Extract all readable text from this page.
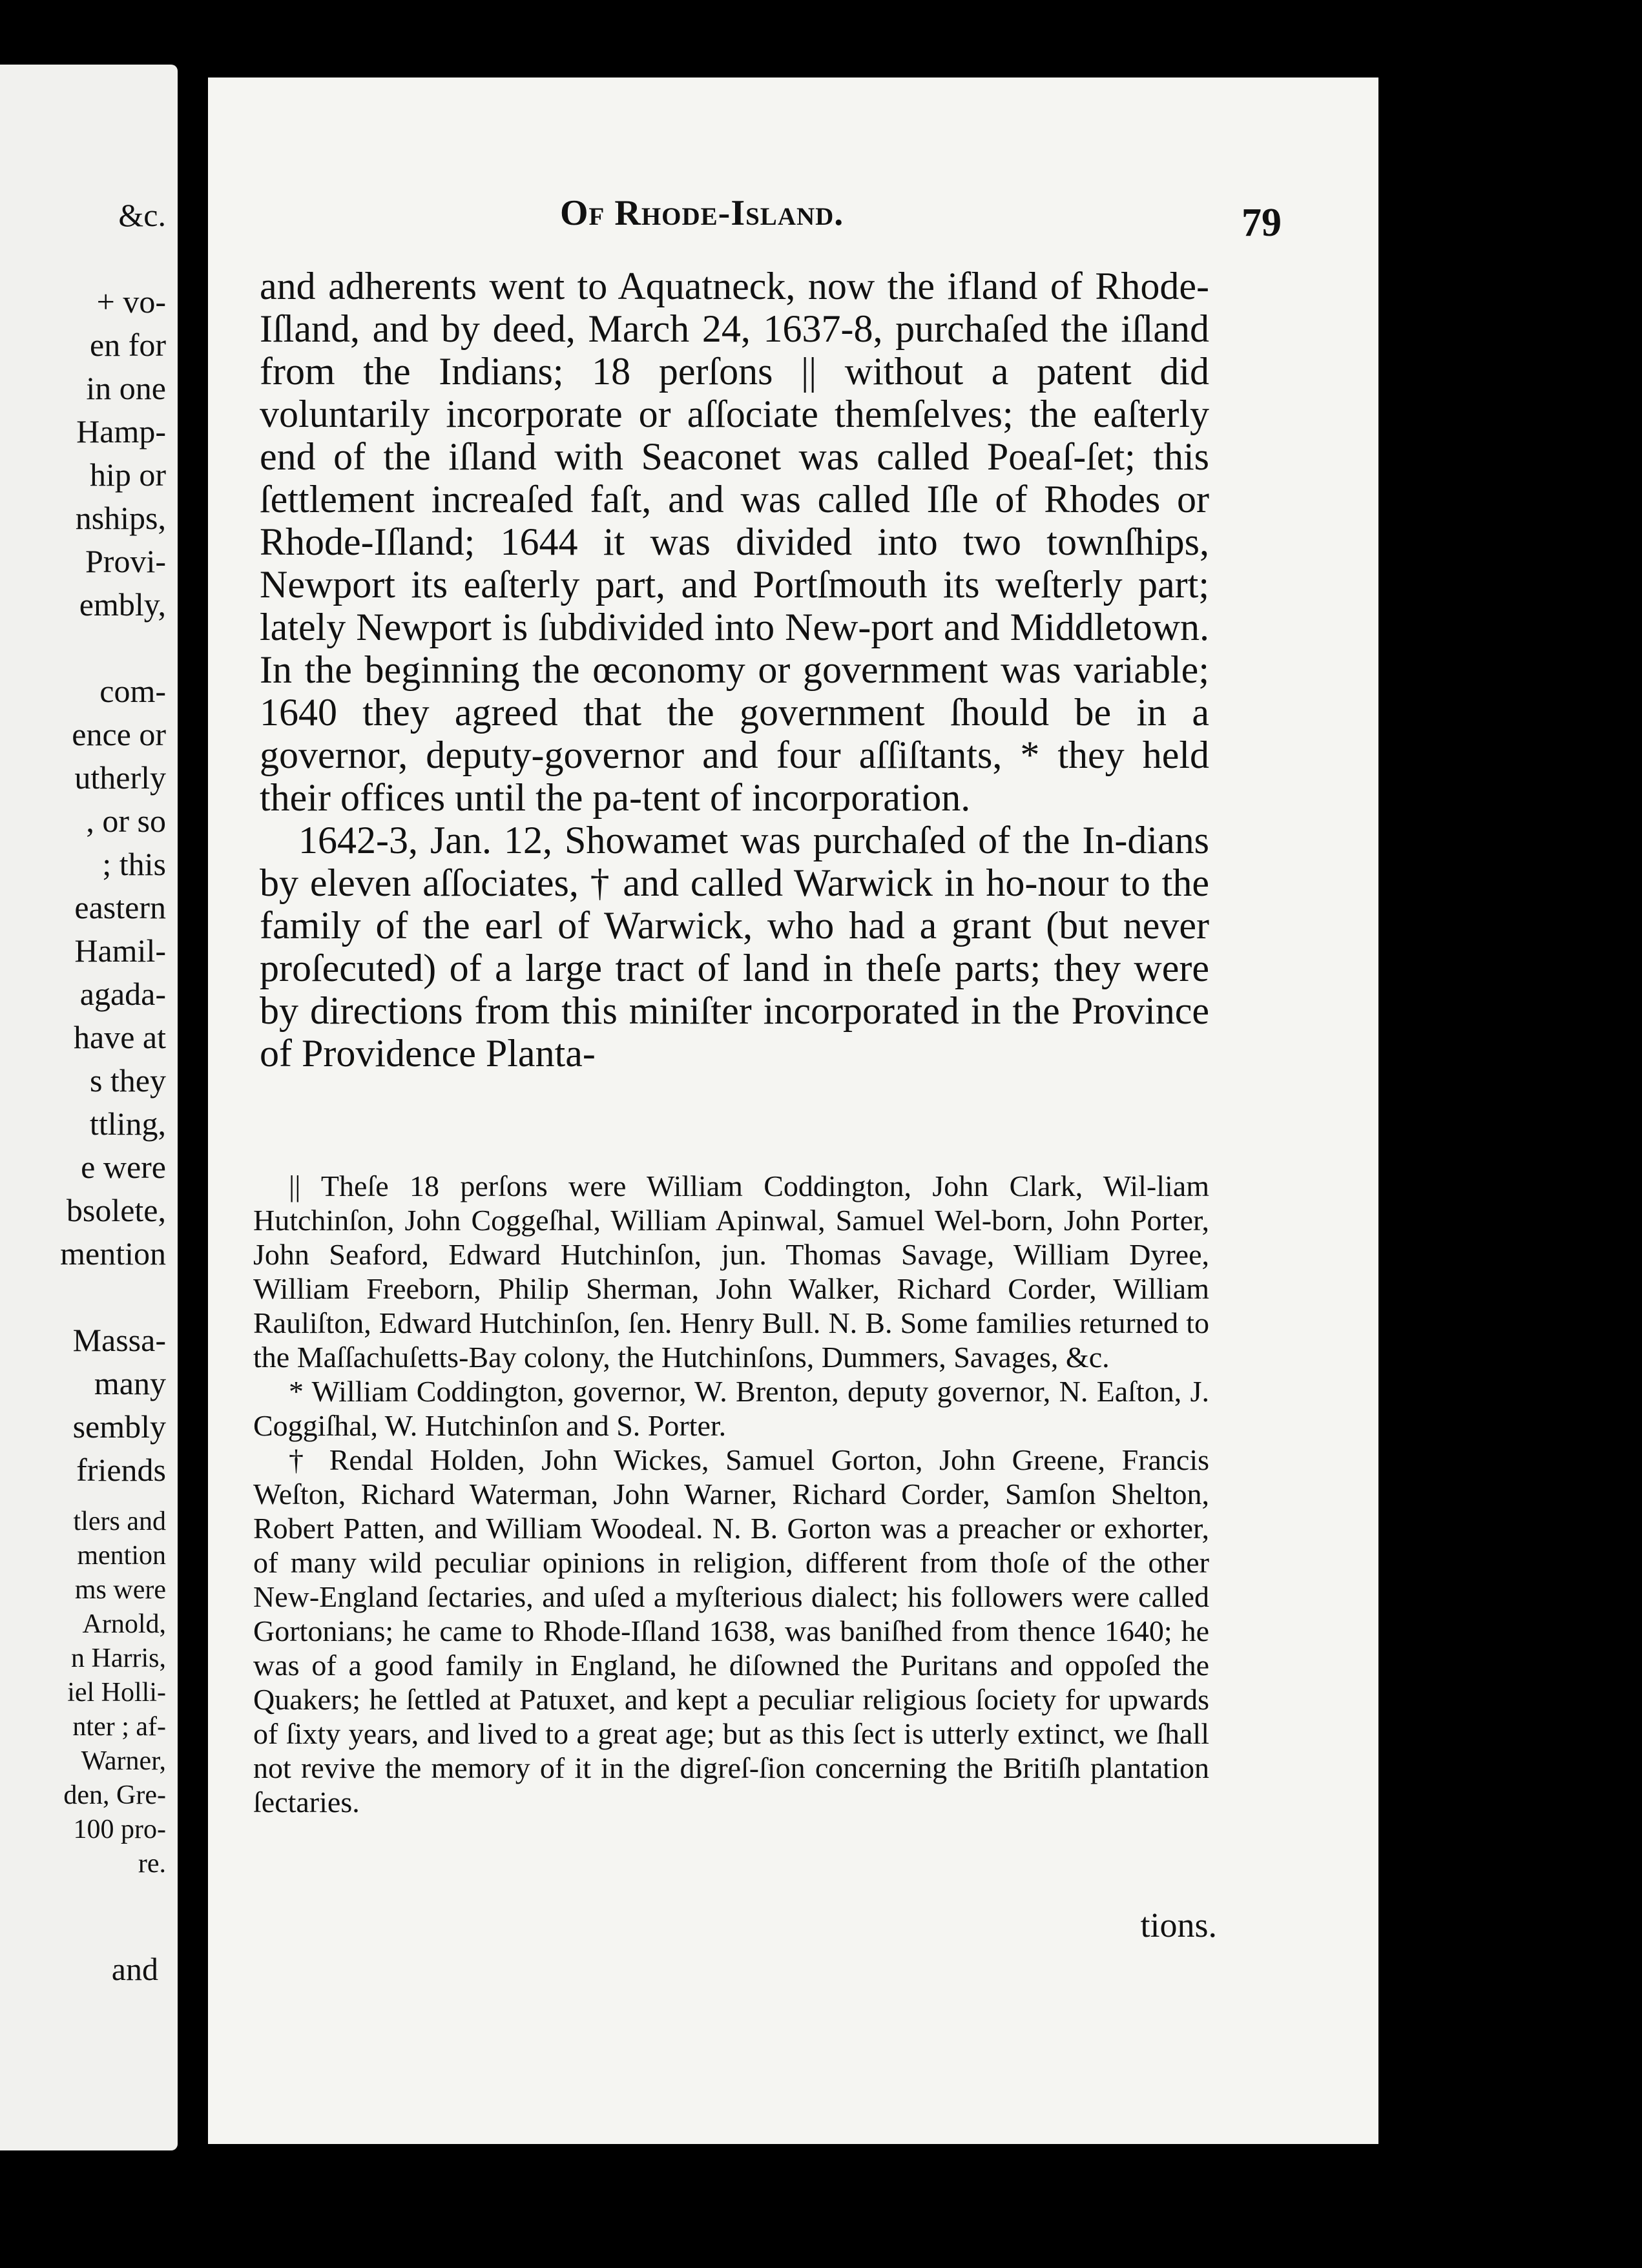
&c.

+ vo-
en for
in one
Hamp-
hip or
nships,
Provi-
embly,

com-
ence or
utherly
, or so
; this
eastern
Hamil-
agada-
have at
s they
ttling,
e were
bsolete,
mention

Massa-
many
sembly
friends
tlers and
mention
ms were
Arnold,
n Harris,
iel Holli-
nter ; af-
Warner,
den, Gre-
100 pro-
re.
and
Of Rhode-Island.	79

and adherents went to Aquatneck, now the ifland of Rhode-Iſland, and by deed, March 24, 1637-8, purchaſed the iſland from the Indians; 18 perſons || without a patent did voluntarily incorporate or aſſociate themſelves; the eaſterly end of the iſland with Seaconet was called Poeaſ-ſet; this ſettlement increaſed faſt, and was called Iſle of Rhodes or Rhode-Iſland; 1644 it was divided into two townſhips, Newport its eaſterly part, and Portſmouth its weſterly part; lately Newport is ſubdivided into New-port and Middletown. In the beginning the œconomy or government was variable; 1640 they agreed that the government ſhould be in a governor, deputy-governor and four aſſiſtants, * they held their offices until the pa-tent of incorporation.

1642-3, Jan. 12, Showamet was purchaſed of the In-dians by eleven aſſociates, † and called Warwick in ho-nour to the family of the earl of Warwick, who had a grant (but never proſecuted) of a large tract of land in theſe parts; they were by directions from this miniſter incorporated in the Province of Providence Planta-

|| Theſe 18 perſons were William Coddington, John Clark, Wil-liam Hutchinſon, John Coggeſhal, William Apinwal, Samuel Wel-born, John Porter, John Seaford, Edward Hutchinſon, jun. Thomas Savage, William Dyree, William Freeborn, Philip Sherman, John Walker, Richard Corder, William Rauliſton, Edward Hutchinſon, ſen. Henry Bull. N. B. Some families returned to the Maſſachuſetts-Bay colony, the Hutchinſons, Dummers, Savages, &c.

* William Coddington, governor, W. Brenton, deputy governor, N. Eaſton, J. Coggiſhal, W. Hutchinſon and S. Porter.

† Rendal Holden, John Wickes, Samuel Gorton, John Greene, Francis Weſton, Richard Waterman, John Warner, Richard Corder, Samſon Shelton, Robert Patten, and William Woodeal. N. B. Gorton was a preacher or exhorter, of many wild peculiar opinions in religion, different from thoſe of the other New-England ſectaries, and uſed a myſterious dialect; his followers were called Gortonians; he came to Rhode-Iſland 1638, was baniſhed from thence 1640; he was of a good family in England, he diſowned the Puritans and oppoſed the Quakers; he ſettled at Patuxet, and kept a peculiar religious ſociety for upwards of ſixty years, and lived to a great age; but as this ſect is utterly extinct, we ſhall not revive the memory of it in the digreſ-ſion concerning the Britiſh plantation ſectaries.

tions.
